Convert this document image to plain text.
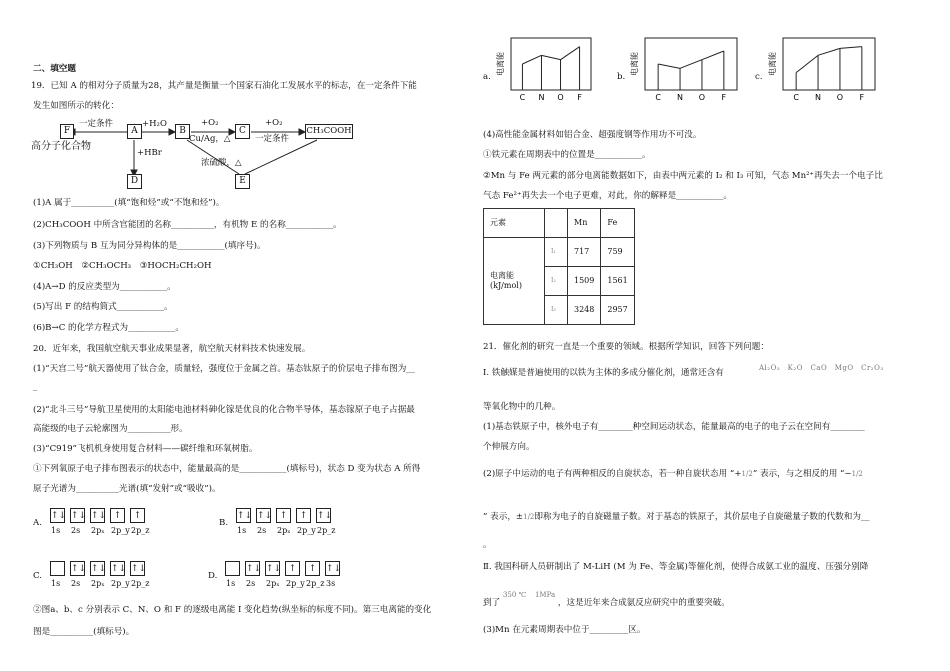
二、填空题
19．已知 A 的相对分子质量为28，其产量是衡量一个国家石油化工发展水平的标志，在一定条件下能
发生如图所示的转化：
F	A	B	C	CH₃COOH
D	E
高分子化合物
一定条件	+H₂O	+O₂
Cu/Ag，△
+O₂
一定条件
+HBr
浓硫酸，△
(1)A 属于__________(填“饱和烃”或“不饱和烃”)。
(2)CH₃COOH 中所含官能团的名称__________，有机物 E 的名称___________。
(3)下列物质与 B 互为同分异构体的是___________(填序号)。
①CH₃OH　②CH₃OCH₃　③HOCH₂CH₂OH
(4)A→D 的反应类型为___________。
(5)写出 F 的结构简式___________。
(6)B→C 的化学方程式为___________。
20．近年来，我国航空航天事业成果显著，航空航天材料技术快速发展。
(1)“天宫二号”航天器使用了钛合金，质量轻，强度位于金属之首。基态钛原子的价层电子排布图为__
_
(2)“北斗三号”导航卫星使用的太阳能电池材料砷化镓是优良的化合物半导体，基态镓原子电子占据最
高能级的电子云轮廓图为__________形。
(3)“C919”飞机机身使用复合材料——碳纤维和环氧树脂。
①下列氧原子电子排布图表示的状态中，能量最高的是___________(填标号)，状态 D 变为状态 A 所得
原子光谱为__________光谱(填“发射”或“吸收”)。
A.
↑↓
1s
↑↓
2s
↑↓
2pₓ
↑
2p_y
↑
2p_z
B.
↑↓
1s
↑↓
2s
↑
2pₓ
↑
2p_y
↑↓
2p_z
C.
1s
↑↓
2s
↑↓
2pₓ
↑↓
2p_y
↑↓
2p_z
D.
1s
↑↓
2s
↑↓
2pₓ
↑
2p_y
↑
2p_z
↑↓
3s
②图a、b、c 分别表示 C、N、O 和 F 的逐级电离能 I 变化趋势(纵坐标的标度不同)。第三电离能的变化
图是__________(填标号)。
a.
电离能
C N O F
b.
电离能
C N O F
c.
电离能
C N O F
(4)高性能金属材料如铝合金、超强度钢等作用功不可没。
①铁元素在周期表中的位置是___________。
②Mn 与 Fe 两元素的部分电离能数据如下，由表中两元素的 I₂ 和 I₃ 可知，气态 Mn²⁺再失去一个电子比
气态 Fe²⁺再失去一个电子更难，对此，你的解释是___________。
元素		Mn	Fe
电离能(kJ/mol)	I₁	717	759
	I₂	1509	1561
	I₃	3248	2957
21．催化剂的研究一直是一个重要的领域。根据所学知识，回答下列问题：
Ⅰ. 铁触媒是普遍使用的以铁为主体的多成分催化剂，通常还含有	Al₂O₃　 K₂O　 CaO　 MgO　 Cr₂O₃
等氧化物中的几种。
(1)基态铁原子中，核外电子有________种空间运动状态，能量最高的电子的电子云在空间有________
个伸展方向。
(2)原子中运动的电子有两种相反的自旋状态，若一种自旋状态用 “+1/2” 表示，与之相反的用 “−1/2
” 表示，±1/2即称为电子的自旋磁量子数。对于基态的铁原子，其价层电子自旋磁量子数的代数和为__
。
Ⅱ. 我国科研人员研制出了 M-LiH (M 为 Fe、等金属)等催化剂，使得合成氨工业的温度、压强分别降
到了 $^{350 ℃}$　 $^{1MPa}$ ，这是近年来合成氨反应研究中的重要突破。
(3)Mn 在元素周期表中位于_________区。
